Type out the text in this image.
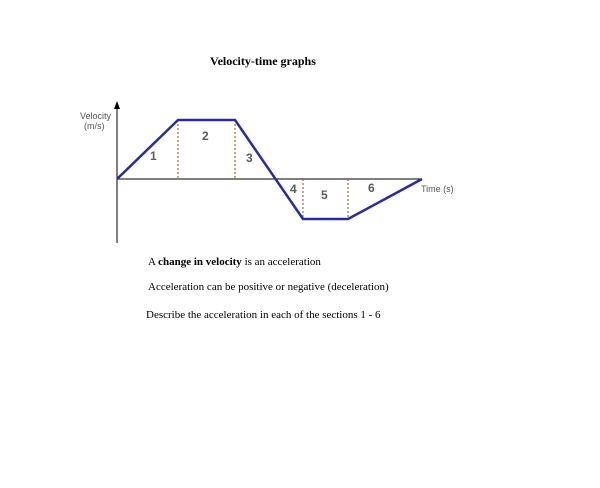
Velocity-time graphs
Velocity
(m/s)
Time (s)
1
2
3
4 5	6
A change in velocity is an acceleration
Acceleration can be positive or negative (deceleration)
Describe the acceleration in each of the sections 1 - 6
